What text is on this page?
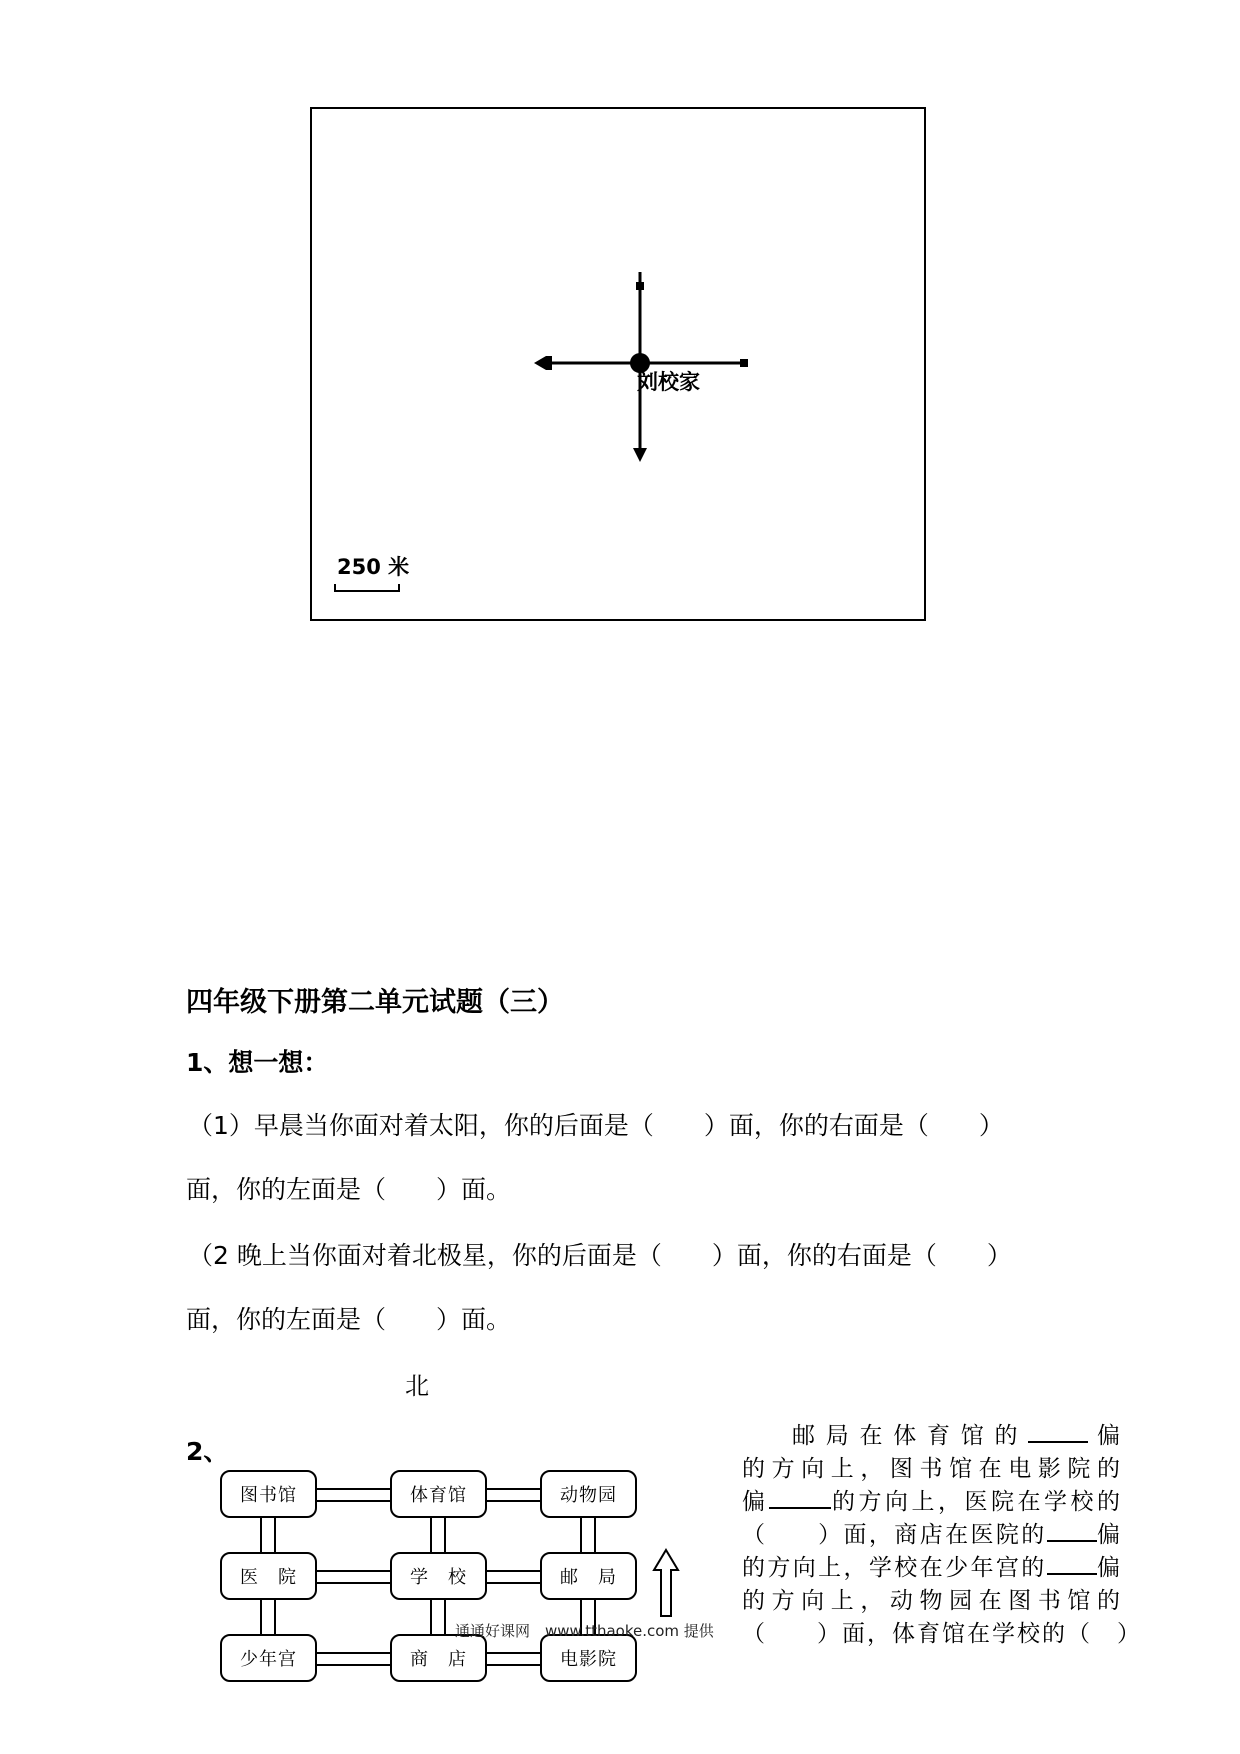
刘校家
250 米
四年级下册第二单元试题（三）
1、想一想：
（1）早晨当你面对着太阳，你的后面是（　　）面，你的右面是（　　）
面，你的左面是（　　）面。
（2 晚上当你面对着北极星，你的后面是（　　）面，你的右面是（　　）
面，你的左面是（　　）面。
北
2、
图书馆	体育馆	动物园
医　院	学　校	邮　局
少年宫	商　店	电影院
通通好课网　www.tthaoke.com 提供
邮局在体育馆的	偏
的方向上，图书馆在电影院的
偏	的方向上，医院在学校的
（　　）面，商店在医院的 偏
的方向上，学校在少年宫的 偏
的方向上，动物园在图书馆的
（　　）面，体育馆在学校的（　）
